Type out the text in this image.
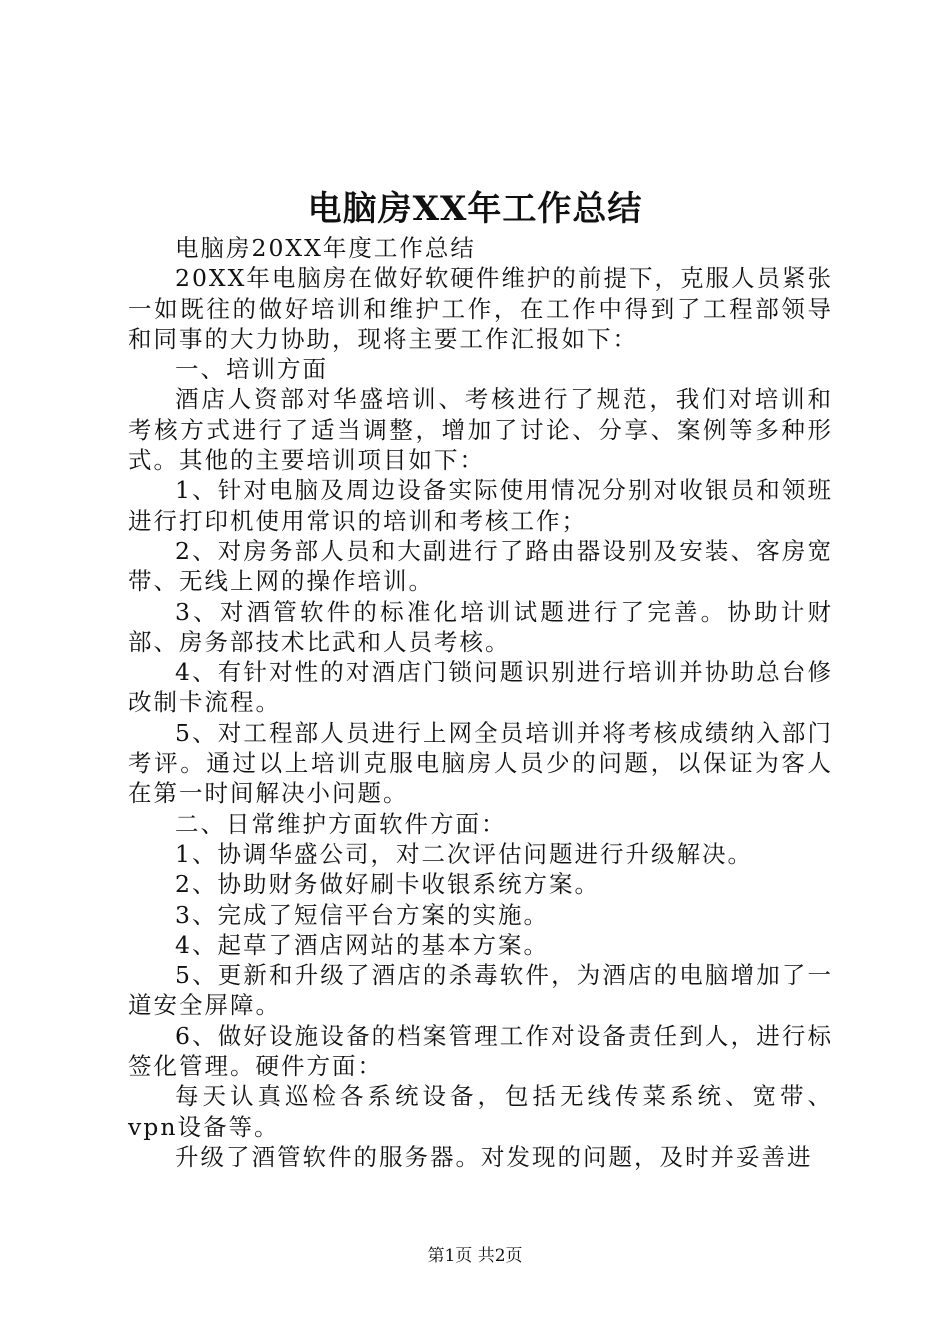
电脑房XX年工作总结

电脑房20XX年度工作总结

20XX年电脑房在做好软硬件维护的前提下，克服人员紧张一如既往的做好培训和维护工作，在工作中得到了工程部领导和同事的大力协助，现将主要工作汇报如下：

一、培训方面

酒店人资部对华盛培训、考核进行了规范，我们对培训和考核方式进行了适当调整，增加了讨论、分享、案例等多种形式。其他的主要培训项目如下：

1、针对电脑及周边设备实际使用情况分别对收银员和领班进行打印机使用常识的培训和考核工作；

2、对房务部人员和大副进行了路由器设别及安装、客房宽带、无线上网的操作培训。

3、对酒管软件的标准化培训试题进行了完善。协助计财部、房务部技术比武和人员考核。

4、有针对性的对酒店门锁问题识别进行培训并协助总台修改制卡流程。

5、对工程部人员进行上网全员培训并将考核成绩纳入部门考评。通过以上培训克服电脑房人员少的问题，以保证为客人在第一时间解决小问题。

二、日常维护方面软件方面：

1、协调华盛公司，对二次评估问题进行升级解决。

2、协助财务做好刷卡收银系统方案。

3、完成了短信平台方案的实施。

4、起草了酒店网站的基本方案。

5、更新和升级了酒店的杀毒软件，为酒店的电脑增加了一道安全屏障。

6、做好设施设备的档案管理工作对设备责任到人，进行标签化管理。硬件方面：

每天认真巡检各系统设备，包括无线传菜系统、宽带、vpn设备等。

升级了酒管软件的服务器。对发现的问题，及时并妥善进

第1页 共2页
